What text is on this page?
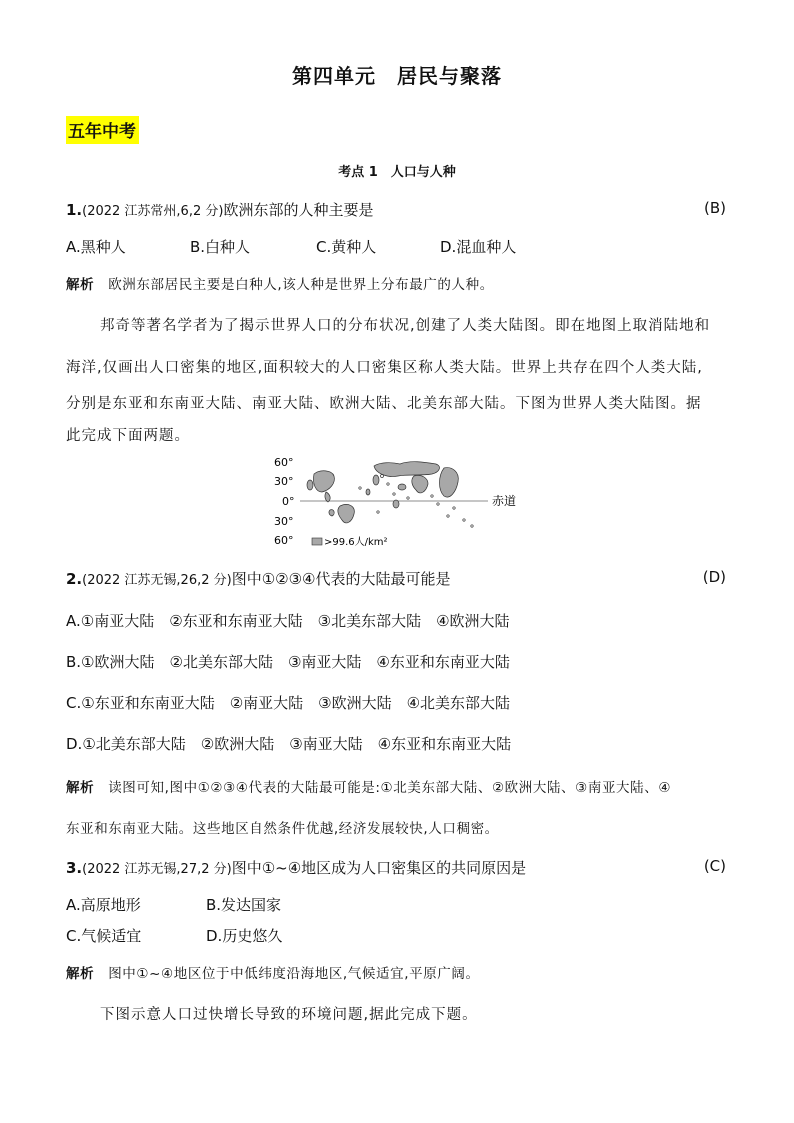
第四单元　居民与聚落
五年中考
考点 1　人口与人种
1.(2022 江苏常州,6,2 分)欧洲东部的人种主要是	(B)
A.黑种人	B.白种人	C.黄种人	D.混血种人
解析 欧洲东部居民主要是白种人,该人种是世界上分布最广的人种。
邦奇等著名学者为了揭示世界人口的分布状况,创建了人类大陆图。即在地图上取消陆地和
海洋,仅画出人口密集的地区,面积较大的人口密集区称人类大陆。世界上共存在四个人类大陆,
分别是东亚和东南亚大陆、南亚大陆、欧洲大陆、北美东部大陆。下图为世界人类大陆图。据
此完成下面两题。
60°
30°
0°
30°
60°
赤道
>99.6人/km²
2.(2022 江苏无锡,26,2 分)图中①②③④代表的大陆最可能是	(D)
A.①南亚大陆　②东亚和东南亚大陆　③北美东部大陆　④欧洲大陆
B.①欧洲大陆　②北美东部大陆　③南亚大陆　④东亚和东南亚大陆
C.①东亚和东南亚大陆　②南亚大陆　③欧洲大陆　④北美东部大陆
D.①北美东部大陆　②欧洲大陆　③南亚大陆　④东亚和东南亚大陆
解析 读图可知,图中①②③④代表的大陆最可能是:①北美东部大陆、②欧洲大陆、③南亚大陆、④
东亚和东南亚大陆。这些地区自然条件优越,经济发展较快,人口稠密。
3.(2022 江苏无锡,27,2 分)图中①~④地区成为人口密集区的共同原因是	(C)
A.高原地形	B.发达国家
C.气候适宜	D.历史悠久
解析 图中①~④地区位于中低纬度沿海地区,气候适宜,平原广阔。
下图示意人口过快增长导致的环境问题,据此完成下题。
